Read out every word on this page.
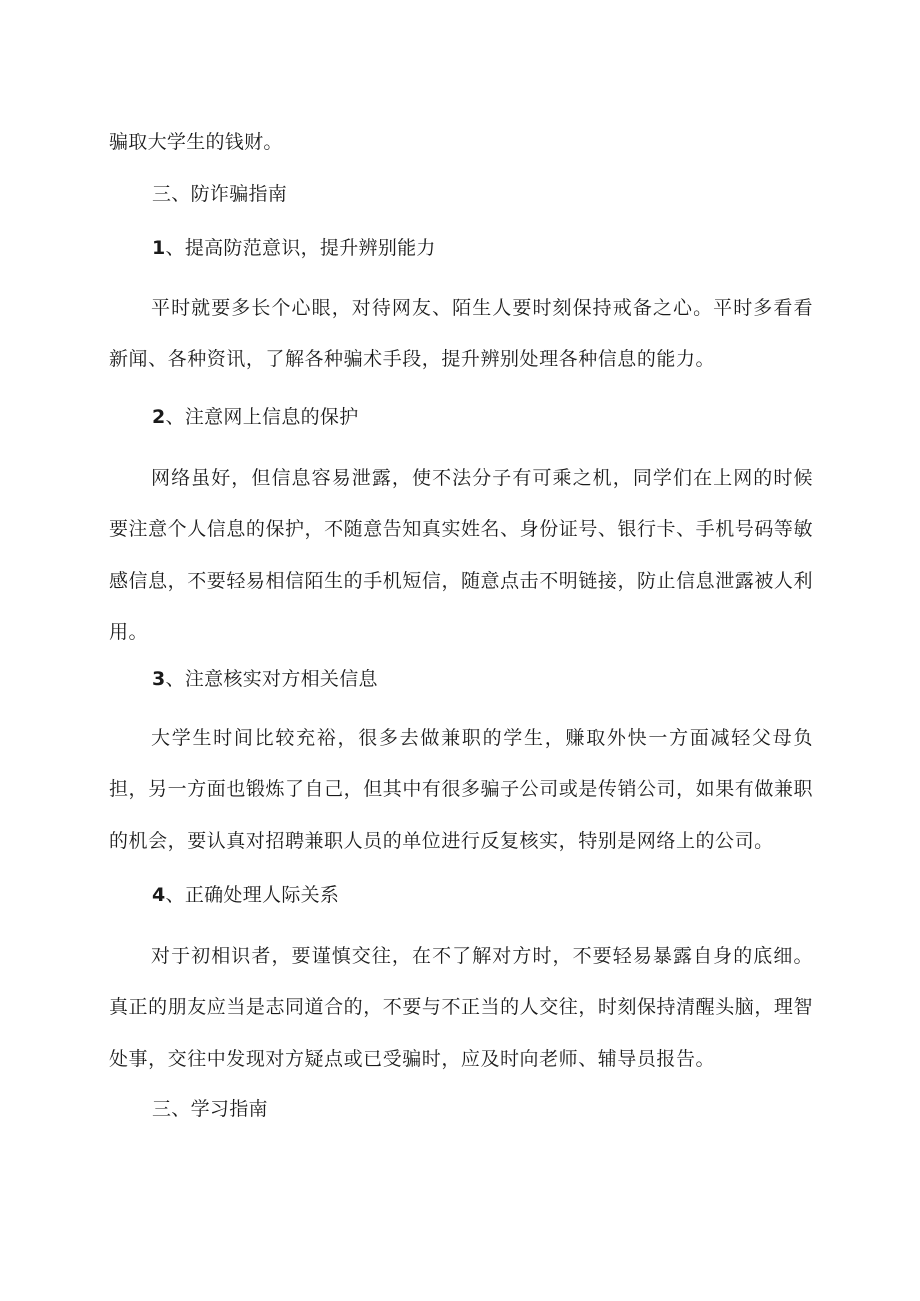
骗取大学生的钱财。

三、防诈骗指南

1、提高防范意识，提升辨别能力

平时就要多长个心眼，对待网友、陌生人要时刻保持戒备之心。平时多看看新闻、各种资讯，了解各种骗术手段，提升辨别处理各种信息的能力。

2、注意网上信息的保护

网络虽好，但信息容易泄露，使不法分子有可乘之机，同学们在上网的时候要注意个人信息的保护，不随意告知真实姓名、身份证号、银行卡、手机号码等敏感信息，不要轻易相信陌生的手机短信，随意点击不明链接，防止信息泄露被人利用。

3、注意核实对方相关信息

大学生时间比较充裕，很多去做兼职的学生，赚取外快一方面减轻父母负担，另一方面也锻炼了自己，但其中有很多骗子公司或是传销公司，如果有做兼职的机会，要认真对招聘兼职人员的单位进行反复核实，特别是网络上的公司。

4、正确处理人际关系

对于初相识者，要谨慎交往，在不了解对方时，不要轻易暴露自身的底细。真正的朋友应当是志同道合的，不要与不正当的人交往，时刻保持清醒头脑，理智处事，交往中发现对方疑点或已受骗时，应及时向老师、辅导员报告。

三、学习指南
